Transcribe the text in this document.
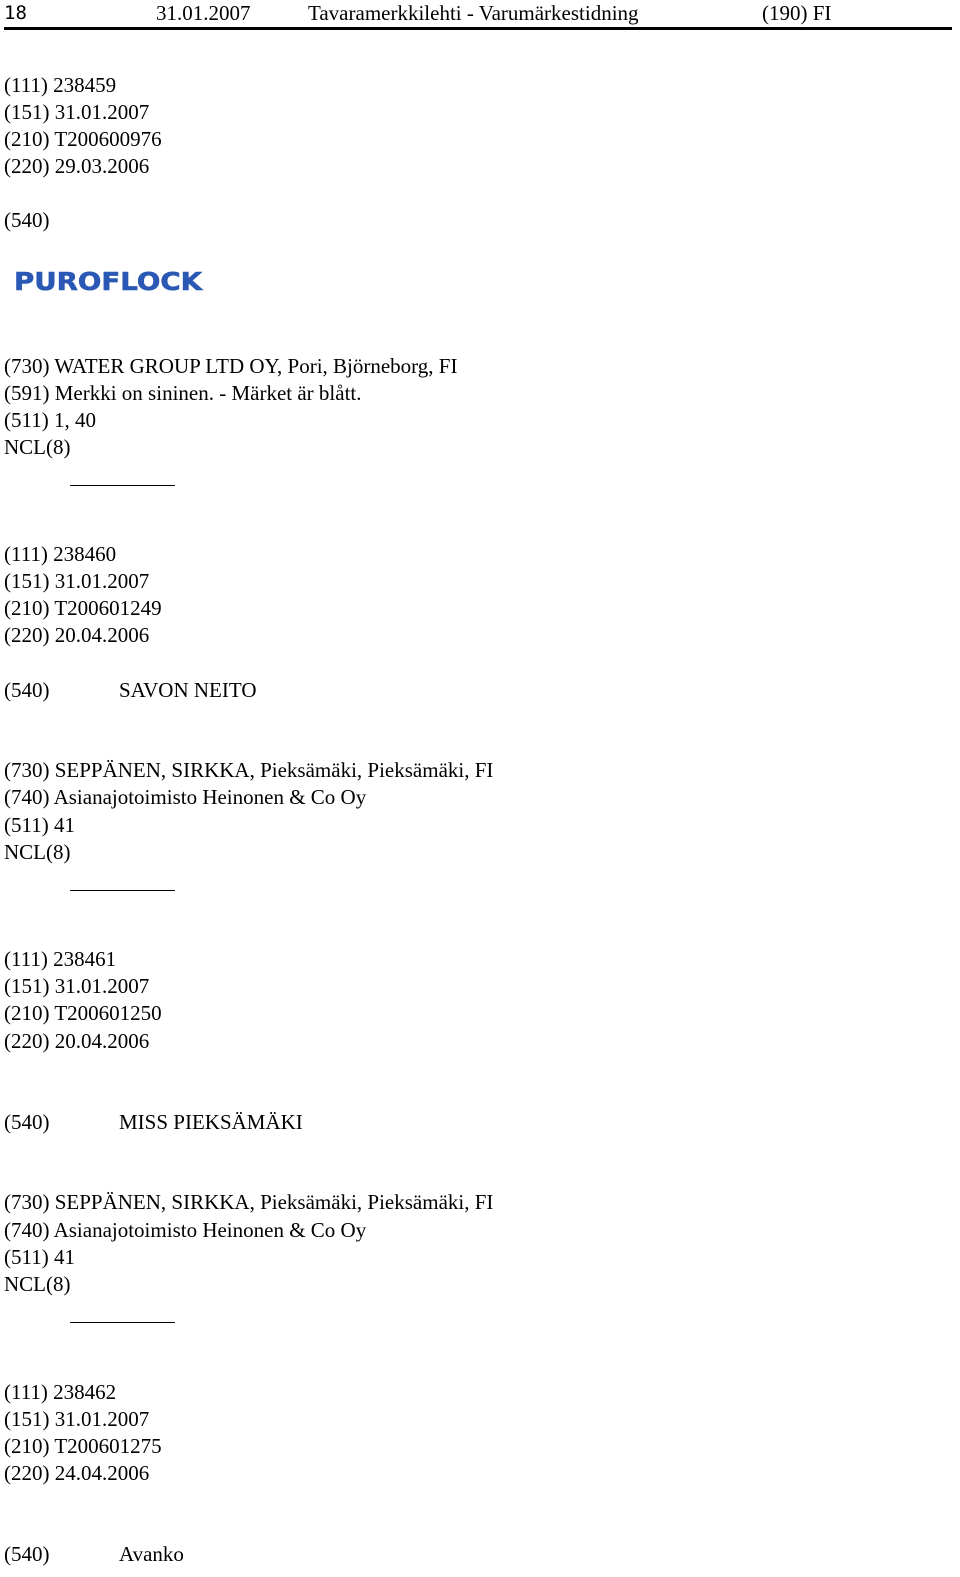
18	31.01.2007	Tavaramerkkilehti - Varumärkestidning	(190) FI
(111) 238459
(151) 31.01.2007
(210) T200600976
(220) 29.03.2006
(540)
PUROFLOCK
(730) WATER GROUP LTD OY, Pori, Björneborg, FI
(591) Merkki on sininen. - Märket är blått.
(511) 1, 40
NCL(8)
(111) 238460
(151) 31.01.2007
(210) T200601249
(220) 20.04.2006
(540)	SAVON NEITO
(730) SEPPÄNEN, SIRKKA, Pieksämäki, Pieksämäki, FI
(740) Asianajotoimisto Heinonen & Co Oy
(511) 41
NCL(8)
(111) 238461
(151) 31.01.2007
(210) T200601250
(220) 20.04.2006
(540)	MISS PIEKSÄMÄKI
(730) SEPPÄNEN, SIRKKA, Pieksämäki, Pieksämäki, FI
(740) Asianajotoimisto Heinonen & Co Oy
(511) 41
NCL(8)
(111) 238462
(151) 31.01.2007
(210) T200601275
(220) 24.04.2006
(540)	Avanko
